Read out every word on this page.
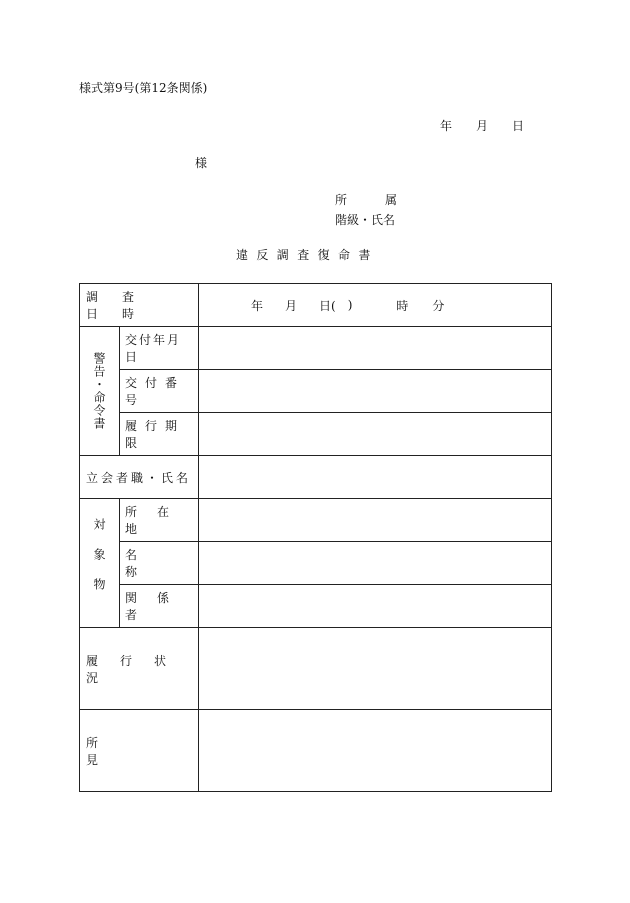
様式第9号(第12条関係)
年 月 日
様
所属
階級・氏名
違反調査復命書
調査日時
年 月 日( )	時 分
警告・命令書
交付年月日
交付番号
履行期限
立会者職・氏名
対象物
所在地
名称
関係者
履行状況
所見
